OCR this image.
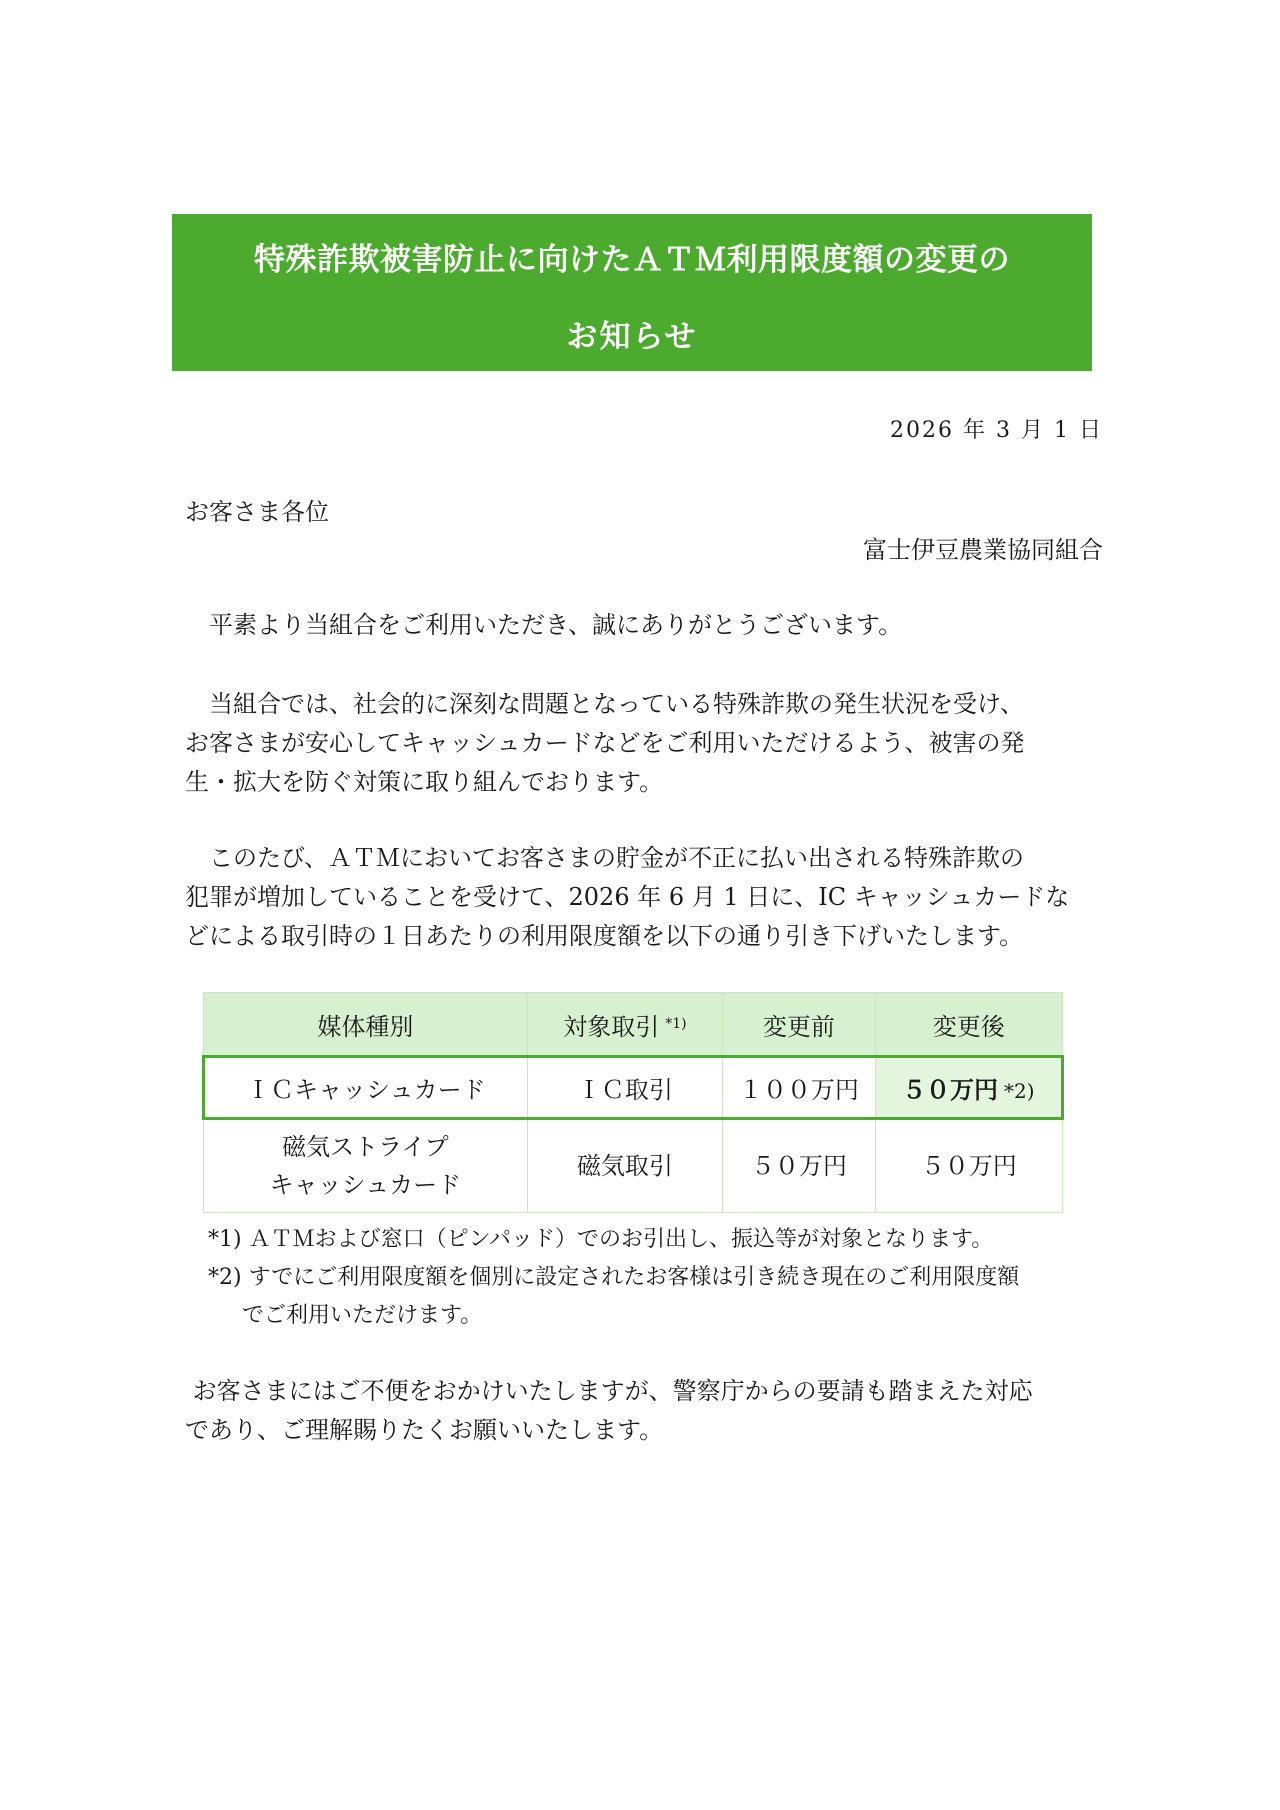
特殊詐欺被害防止に向けたＡＴＭ利用限度額の変更の
お知らせ
2026 年 3 月 1 日
お客さま各位
富士伊豆農業協同組合

　平素より当組合をご利用いただき、誠にありがとうございます。

　当組合では、社会的に深刻な問題となっている特殊詐欺の発生状況を受け、
お客さまが安心してキャッシュカードなどをご利用いただけるよう、被害の発
生・拡大を防ぐ対策に取り組んでおります。

　このたび、ＡＴＭにおいてお客さまの貯金が不正に払い出される特殊詐欺の
犯罪が増加していることを受けて、2026 年 6 月 1 日に、IC キャッシュカードな
どによる取引時の１日あたりの利用限度額を以下の通り引き下げいたします。

媒体種別	対象取引 $^{*1)}$	変更前	変更後
ＩＣキャッシュカード	ＩＣ取引	１００万円	５０万円 *2)
磁気ストライプ
キャッシュカード	磁気取引	５０万円	５０万円
*1) ＡＴＭおよび窓口（ピンパッド）でのお引出し、振込等が対象となります。
*2) すでにご利用限度額を個別に設定されたお客様は引き続き現在のご利用限度額
でご利用いただけます。

お客さまにはご不便をおかけいたしますが、警察庁からの要請も踏まえた対応
であり、ご理解賜りたくお願いいたします。
